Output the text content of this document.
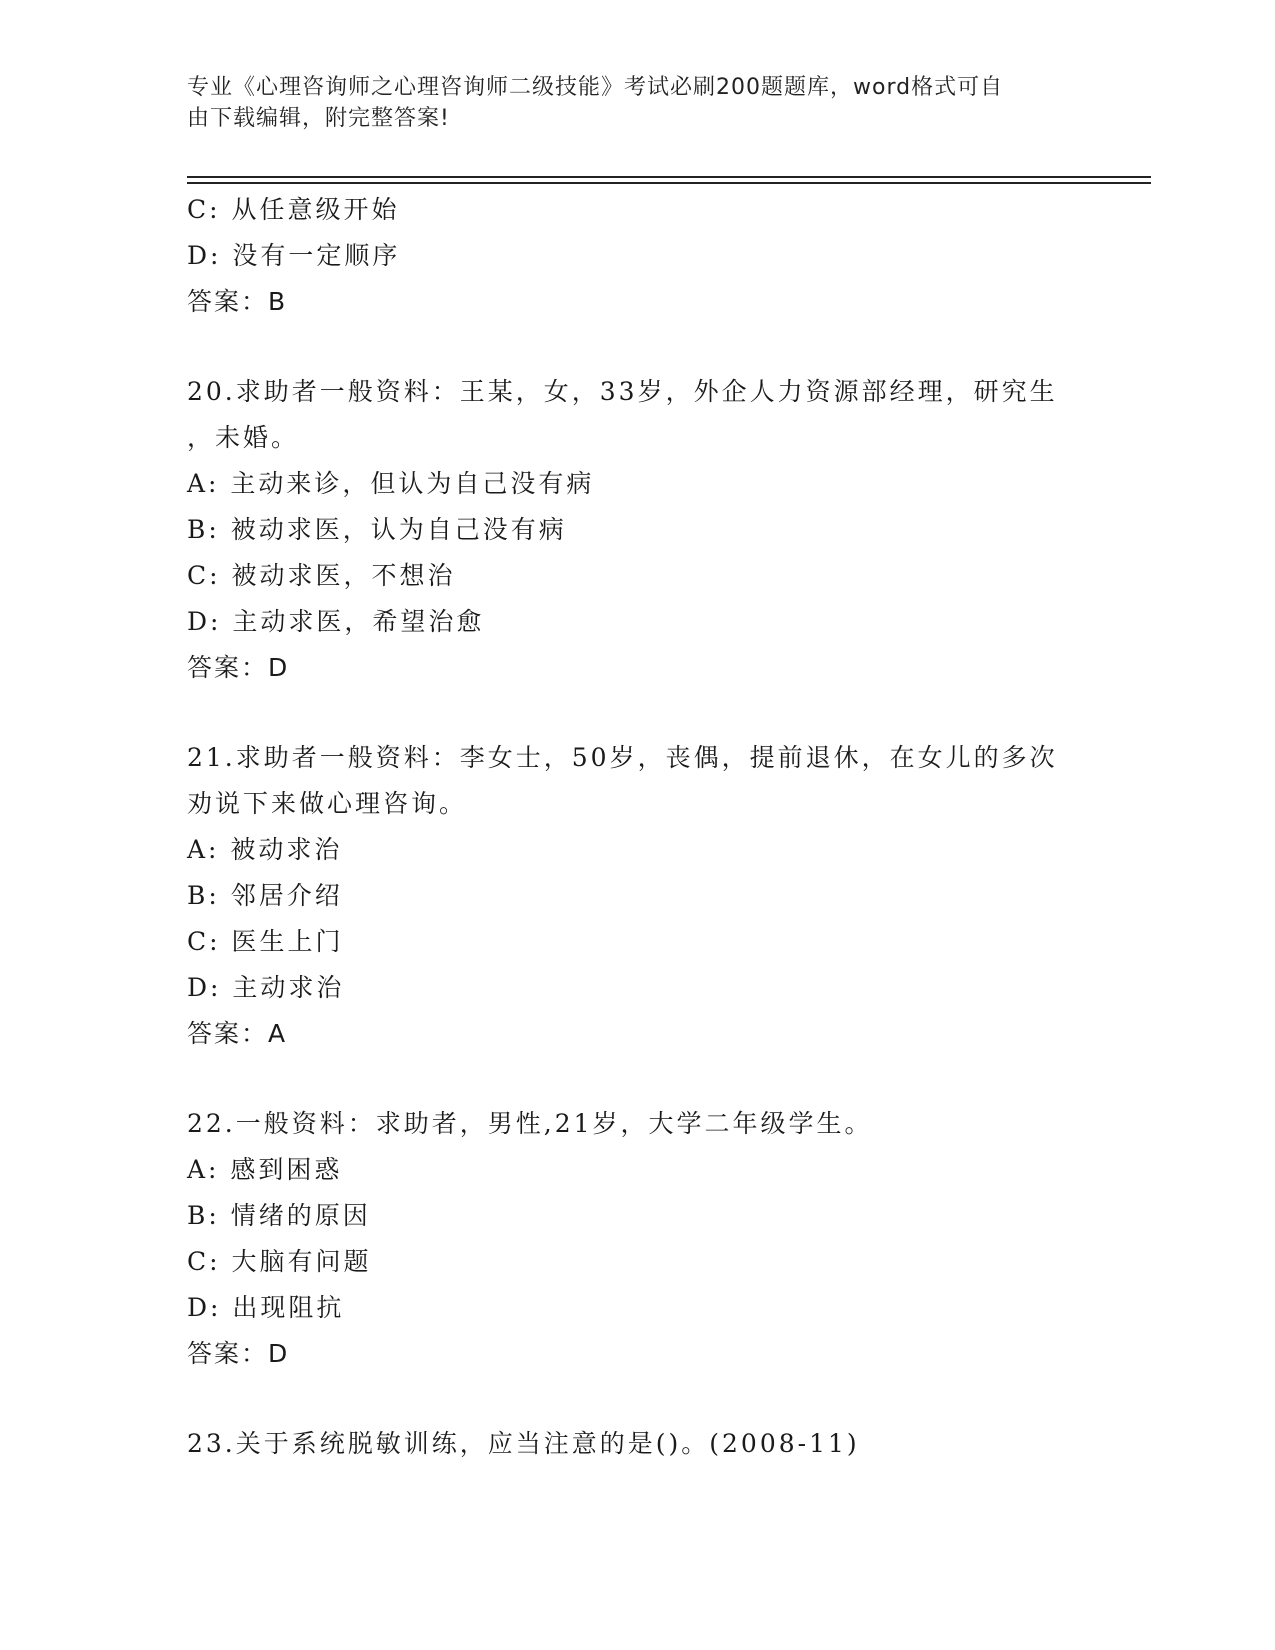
专业《心理咨询师之心理咨询师二级技能》考试必刷200题题库，word格式可自
由下载编辑，附完整答案!
C: 从任意级开始
D: 没有一定顺序
答案：B
20.求助者一般资料：王某，女，33岁，外企人力资源部经理，研究生
，未婚。
A: 主动来诊，但认为自己没有病
B: 被动求医，认为自己没有病
C: 被动求医，不想治
D: 主动求医，希望治愈
答案：D
21.求助者一般资料：李女士，50岁，丧偶，提前退休，在女儿的多次
劝说下来做心理咨询。
A: 被动求治
B: 邻居介绍
C: 医生上门
D: 主动求治
答案：A
22.一般资料：求助者，男性,21岁，大学二年级学生。
A: 感到困惑
B: 情绪的原因
C: 大脑有问题
D: 出现阻抗
答案：D
23.关于系统脱敏训练，应当注意的是()。(2008-11)
